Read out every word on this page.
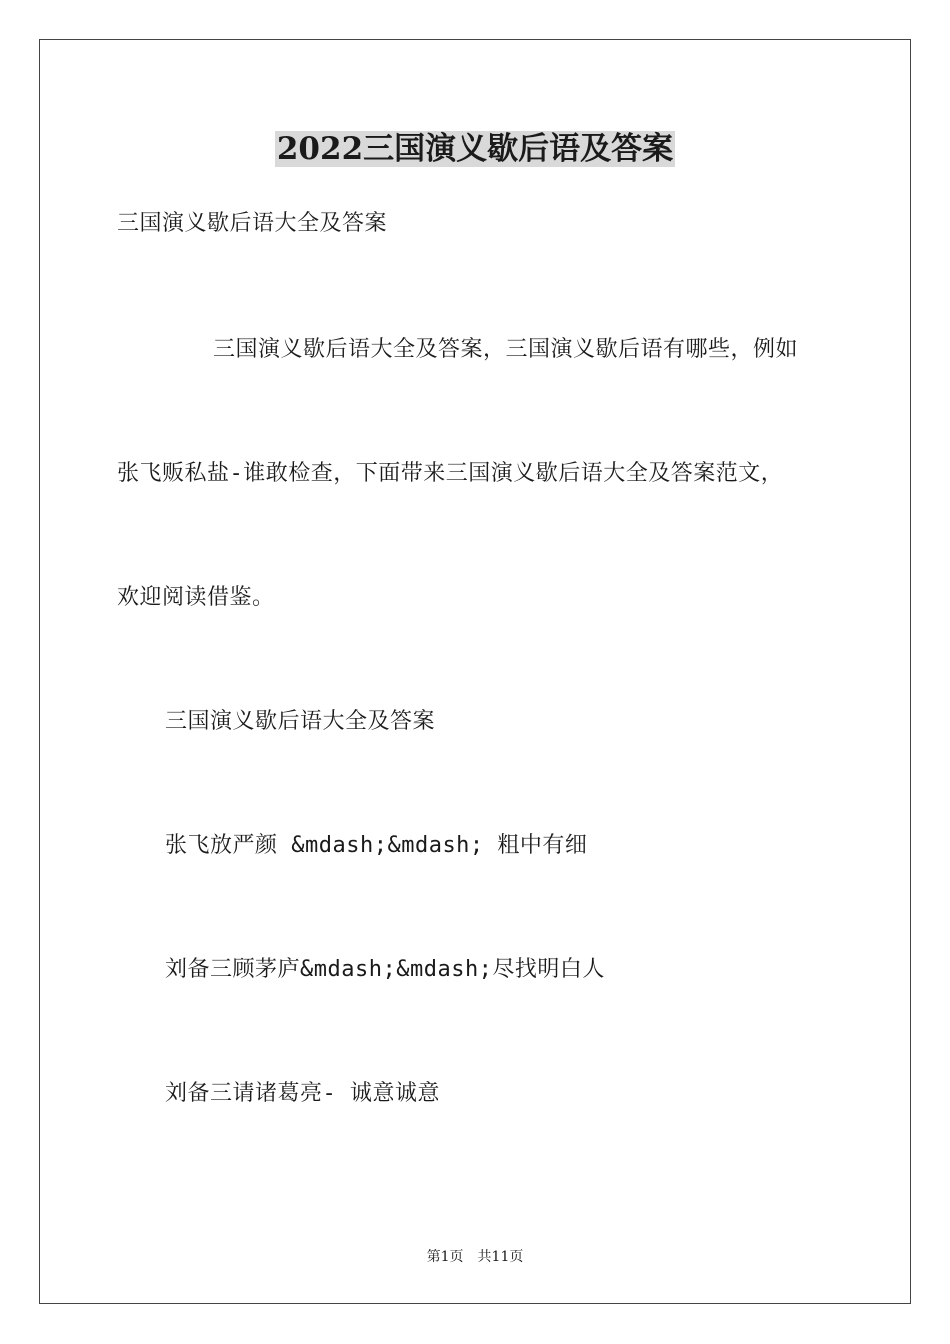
2022三国演义歇后语及答案

三国演义歇后语大全及答案

三国演义歇后语大全及答案，三国演义歇后语有哪些，例如

张飞贩私盐-谁敢检查，下面带来三国演义歇后语大全及答案范文，

欢迎阅读借鉴。

三国演义歇后语大全及答案

张飞放严颜 &mdash;&mdash; 粗中有细

刘备三顾茅庐&mdash;&mdash;尽找明白人

刘备三请诸葛亮- 诚意诚意

第1页 共11页
